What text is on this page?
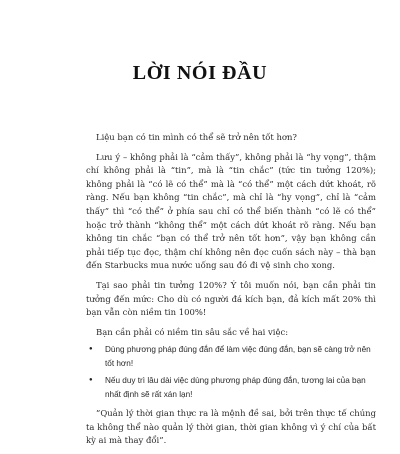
LỜI NÓI ĐẦU

Liệu bạn có tin mình có thể sẽ trở nên tốt hơn?

Lưu ý – không phải là “cảm thấy”, không phải là “hy vọng”, thậm chí không phải là “tin”, mà là “tin chắc” (tức tin tưởng 120%); không phải là “có lẽ có thể” mà là “có thể” một cách dứt khoát, rõ ràng. Nếu bạn không “tin chắc”, mà chỉ là “hy vọng”, chỉ là “cảm thấy” thì “có thể” ở phía sau chỉ có thể biến thành “có lẽ có thể” hoặc trở thành “không thể” một cách dứt khoát rõ ràng. Nếu bạn không tin chắc “bạn có thể trở nên tốt hơn”, vậy bạn không cần phải tiếp tục đọc, thậm chí không nên đọc cuốn sách này – thà bạn đến Starbucks mua nước uống sau đó đi vệ sinh cho xong.

Tại sao phải tin tưởng 120%? Ý tôi muốn nói, bạn cần phải tin tưởng đến mức: Cho dù có người đá kích bạn, đả kích mất 20% thì bạn vẫn còn niềm tin 100%!

Bạn cần phải có niềm tin sâu sắc về hai việc:

● Dùng phương pháp đúng đắn để làm việc đúng đắn, bạn sẽ càng trở nên tốt hơn!
● Nếu duy trì lâu dài việc dùng phương pháp đúng đắn, tương lai của bạn nhất định sẽ rất xán lạn!

”Quản lý thời gian thực ra là mệnh đề sai, bởi trên thực tế chúng ta không thể nào quản lý thời gian, thời gian không vì ý chí của bất kỳ ai mà thay đổi”.
